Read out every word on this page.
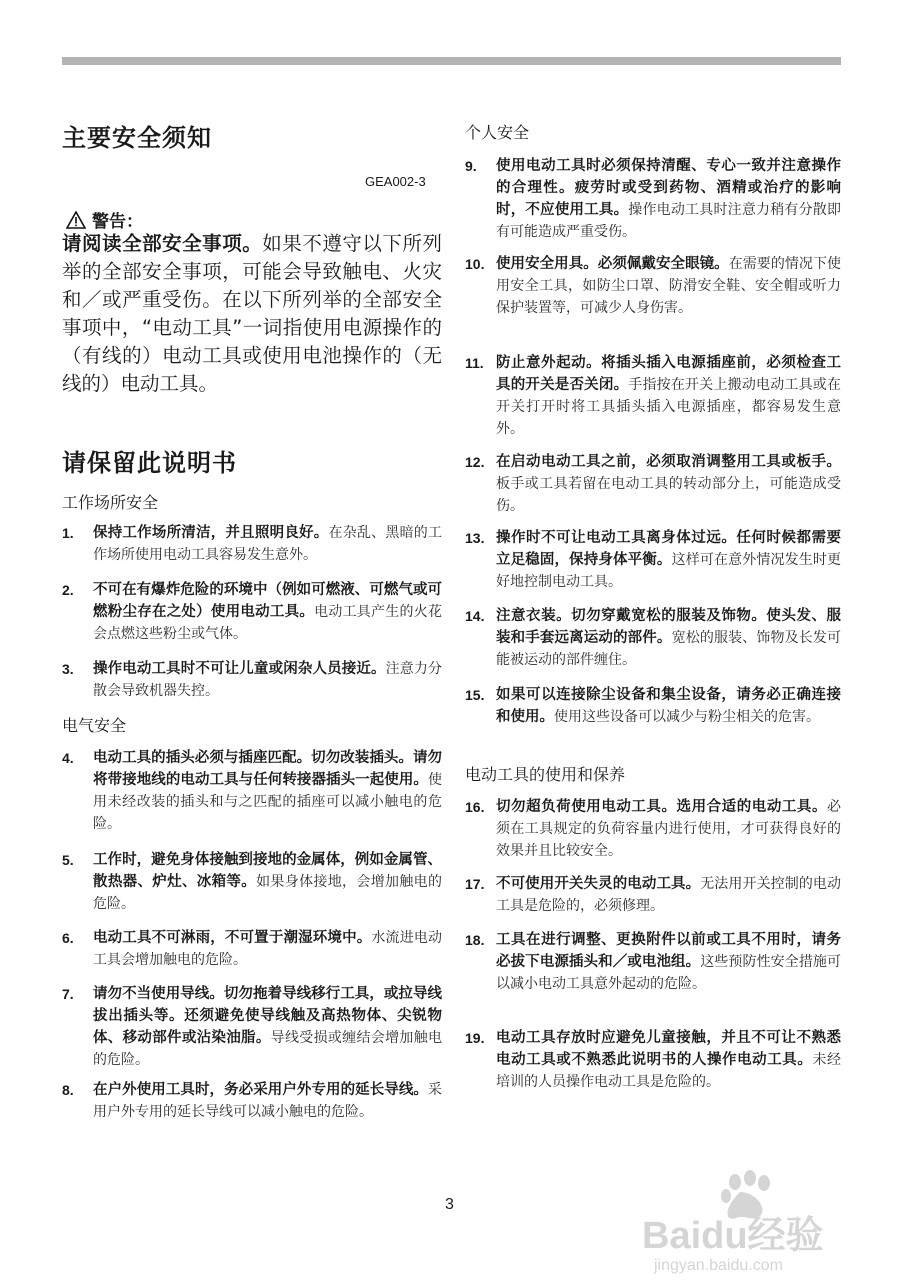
主要安全须知
GEA002-3
警告：
请阅读全部安全事项。如果不遵守以下所列举的全部安全事项，可能会导致触电、火灾和／或严重受伤。在以下所列举的全部安全事项中，“电动工具”一词指使用电源操作的（有线的）电动工具或使用电池操作的（无线的）电动工具。
请保留此说明书
工作场所安全
1. 保持工作场所清洁，并且照明良好。在杂乱、黑暗的工作场所使用电动工具容易发生意外。
2. 不可在有爆炸危险的环境中（例如可燃液、可燃气或可燃粉尘存在之处）使用电动工具。电动工具产生的火花会点燃这些粉尘或气体。
3. 操作电动工具时不可让儿童或闲杂人员接近。注意力分散会导致机器失控。
电气安全
4. 电动工具的插头必须与插座匹配。切勿改装插头。请勿将带接地线的电动工具与任何转接器插头一起使用。使用未经改装的插头和与之匹配的插座可以减小触电的危险。
5. 工作时，避免身体接触到接地的金属体，例如金属管、散热器、炉灶、冰箱等。如果身体接地，会增加触电的危险。
6. 电动工具不可淋雨，不可置于潮湿环境中。水流进电动工具会增加触电的危险。
7. 请勿不当使用导线。切勿拖着导线移行工具，或拉导线拔出插头等。还须避免使导线触及高热物体、尖锐物体、移动部件或沾染油脂。导线受损或缠结会增加触电的危险。
8. 在户外使用工具时，务必采用户外专用的延长导线。采用户外专用的延长导线可以减小触电的危险。
个人安全
9. 使用电动工具时必须保持清醒、专心一致并注意操作的合理性。疲劳时或受到药物、酒精或治疗的影响时，不应使用工具。操作电动工具时注意力稍有分散即有可能造成严重受伤。
10. 使用安全用具。必须佩戴安全眼镜。在需要的情况下使用安全工具，如防尘口罩、防滑安全鞋、安全帽或听力保护装置等，可减少人身伤害。
11. 防止意外起动。将插头插入电源插座前，必须检查工具的开关是否关闭。手指按在开关上搬动电动工具或在开关打开时将工具插头插入电源插座，都容易发生意外。
12. 在启动电动工具之前，必须取消调整用工具或板手。板手或工具若留在电动工具的转动部分上，可能造成受伤。
13. 操作时不可让电动工具离身体过远。任何时候都需要立足稳固，保持身体平衡。这样可在意外情况发生时更好地控制电动工具。
14. 注意衣装。切勿穿戴宽松的服装及饰物。使头发、服装和手套远离运动的部件。宽松的服装、饰物及长发可能被运动的部件缠住。
15. 如果可以连接除尘设备和集尘设备，请务必正确连接和使用。使用这些设备可以减少与粉尘相关的危害。
电动工具的使用和保养
16. 切勿超负荷使用电动工具。选用合适的电动工具。必须在工具规定的负荷容量内进行使用，才可获得良好的效果并且比较安全。
17. 不可使用开关失灵的电动工具。无法用开关控制的电动工具是危险的，必须修理。
18. 工具在进行调整、更换附件以前或工具不用时，请务必拔下电源插头和／或电池组。这些预防性安全措施可以减小电动工具意外起动的危险。
19. 电动工具存放时应避免儿童接触，并且不可让不熟悉电动工具或不熟悉此说明书的人操作电动工具。未经培训的人员操作电动工具是危险的。
3
Baidu经验
jingyan.baidu.com
